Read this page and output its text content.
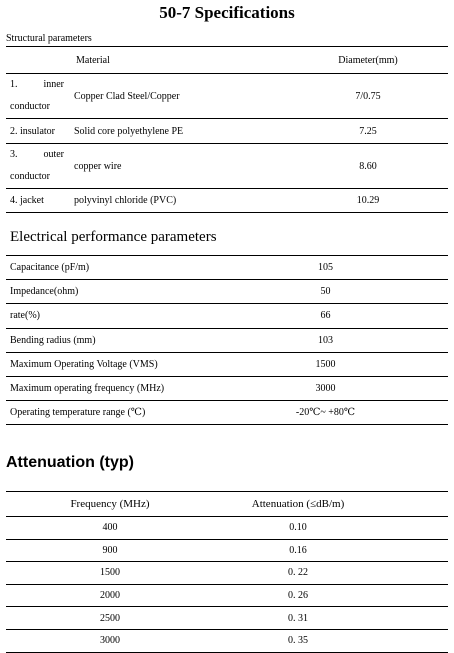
50-7 Specifications
Structural parameters
Material		Diameter(mm)

1. inner
conductor	Copper Clad Steel/Copper	7/0.75
2. insulator	Solid core polyethylene PE	7.25

3. outer
conductor	copper wire	8.60
4. jacket	polyvinyl chloride (PVC)	10.29
Electrical performance parameters
Capacitance (pF/m)	105
Impedance(ohm)	50
rate(%)	66
Bending radius (mm)	103
Maximum Operating Voltage (VMS)	1500
Maximum operating frequency (MHz)	3000
Operating temperature range (℃)	-20℃~ +80℃
Attenuation (typ)
Frequency (MHz)	Attenuation (≤dB/m)
400	0.10
900	0.16
1500	0. 22
2000	0. 26
2500	0. 31
3000	0. 35
